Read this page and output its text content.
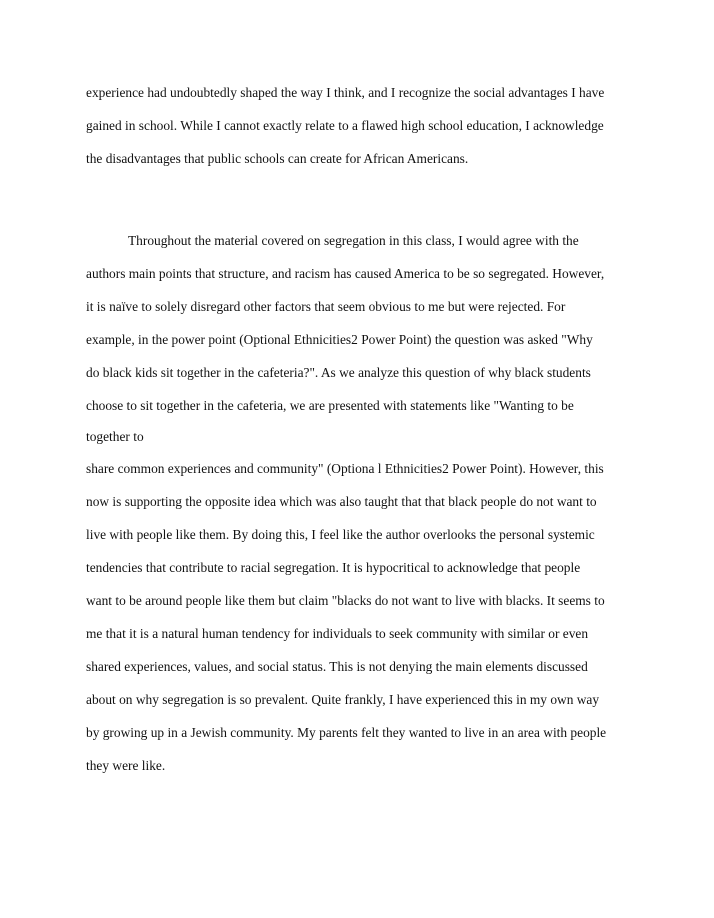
experience had undoubtedly shaped the way I think, and I recognize the social advantages I have
gained in school. While I cannot exactly relate to a flawed high school education, I acknowledge
the disadvantages that public schools can create for African Americans.
Throughout the material covered on segregation in this class, I would agree with the
authors main points that structure, and racism has caused America to be so segregated. However,
it is naïve to solely disregard other factors that seem obvious to me but were rejected. For
example, in the power point (Optional Ethnicities2 Power Point) the question was asked "Why
do black kids sit together in the cafeteria?". As we analyze this question of why black students
choose to sit together in the cafeteria, we are presented with statements like "Wanting to be
together to
share common experiences and community" (Optiona l Ethnicities2 Power Point). However, this
now is supporting the opposite idea which was also taught that that black people do not want to
live with people like them. By doing this, I feel like the author overlooks the personal systemic
tendencies that contribute to racial segregation. It is hypocritical to acknowledge that people
want to be around people like them but claim "blacks do not want to live with blacks. It seems to
me that it is a natural human tendency for individuals to seek community with similar or even
shared experiences, values, and social status. This is not denying the main elements discussed
about on why segregation is so prevalent. Quite frankly, I have experienced this in my own way
by growing up in a Jewish community. My parents felt they wanted to live in an area with people
they were like.
